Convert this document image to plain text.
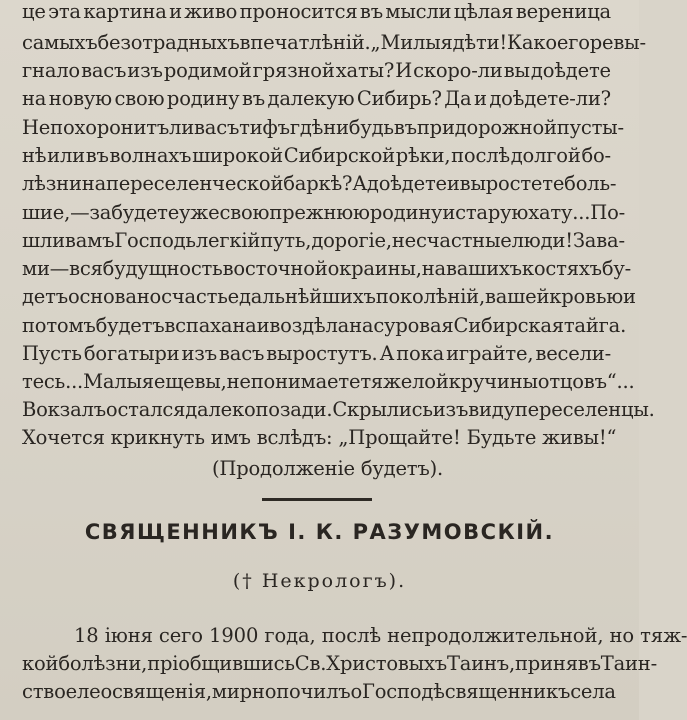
це эта картина и живо проносится въ мысли цѣлая вереница
самыхъ безотрадныхъ впечатлѣній. „Милыя дѣти! Какое горе вы-
гнало васъ изъ родимой грязной хаты? И скоро-ли вы доѣдете
на новую свою родину въ далекую Сибирь? Да и доѣдете-ли?
Не похоронитъ ли васъ тифъ гдѣ нибудь въ придорожной пусты-
нѣ или въ волнахъ широкой Сибирской рѣки, послѣ долгой бо-
лѣзни на переселенческой баркѣ? А доѣдете и выростете боль-
шие,—забудете уже свою прежнюю родину и старую хату... По-
шли вамъ Господь легкій путь, дорогіе, несчастные люди! За ва-
ми—вся будущность восточной окраины, на вашихъ костяхъ бу-
детъ основано счастье дальнѣйшихъ поколѣній, вашей кровью и
потомъ будетъ вспахана и воздѣлана суровая Сибирская тайга.
Пусть богатыри изъ васъ выростутъ. А пока играйте, весели-
тесь... Малыя еще вы, не понимаете тяжелой кручины отцовъ“...
Вокзалъ остался далеко позади. Скрылись изъ виду переселенцы.
Хочется крикнуть имъ вслѣдъ: „Прощайте! Будьте живы!“
(Продолженіе будетъ).
СВЯЩЕННИКЪ І. К. РАЗУМОВСКІЙ.
(† Некрологъ).
18 іюня сего 1900 года, послѣ непродолжительной, но тяж-
кой болѣзни, пріобщившись Св. Христовыхъ Таинъ, принявъ Таин-
ство елеосвященія, мирно почилъ о Господѣ священникъ села
